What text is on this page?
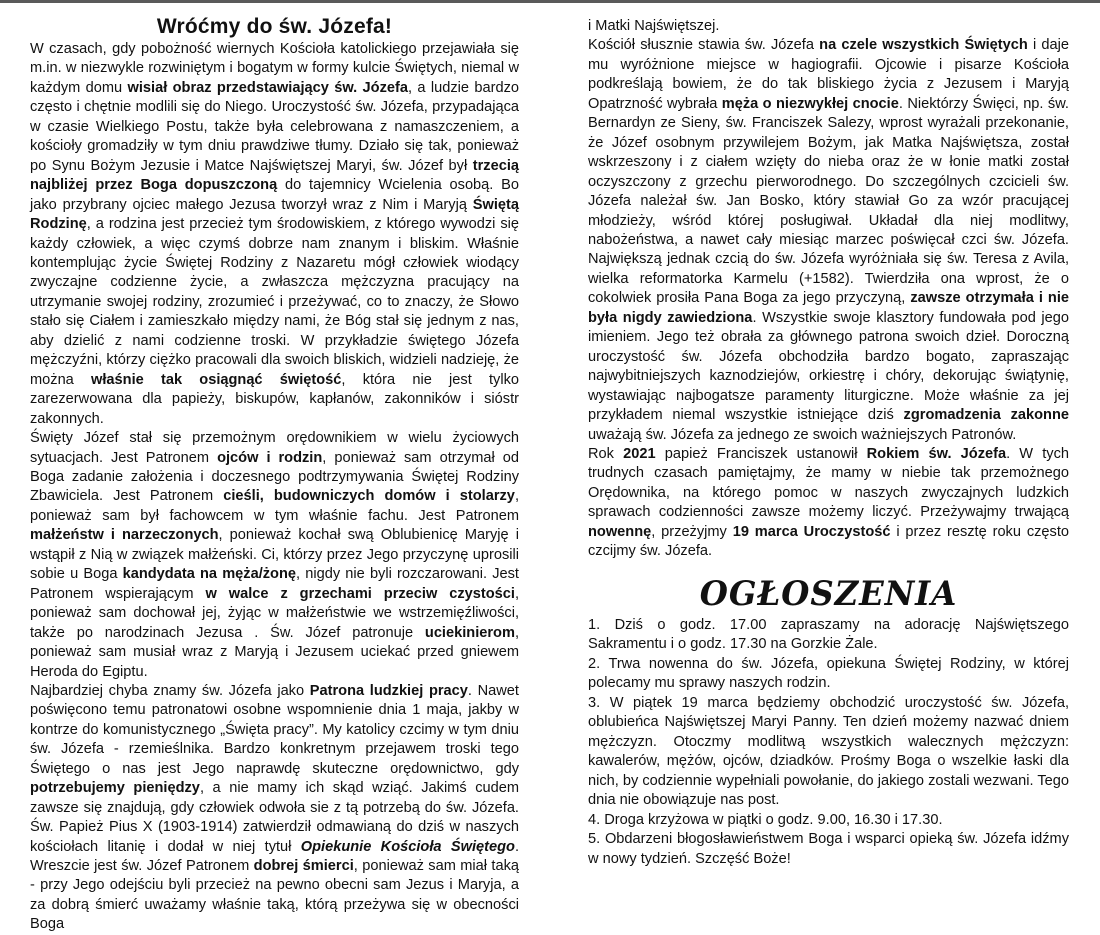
Wróćmy do św. Józefa!

W czasach, gdy pobożność wiernych Kościoła katolickiego przejawiała się m.in. w niezwykle rozwiniętym i bogatym w formy kulcie Świętych, niemal w każdym domu wisiał obraz przedstawiający św. Józefa, a ludzie bardzo często i chętnie modlili się do Niego. Uroczystość św. Józefa, przypadająca w czasie Wielkiego Postu, także była celebrowana z namaszczeniem, a kościoły gromadziły w tym dniu prawdziwe tłumy. Działo się tak, ponieważ po Synu Bożym Jezusie i Matce Najświętszej Maryi, św. Józef był trzecią najbliżej przez Boga dopuszczoną do tajemnicy Wcielenia osobą. Bo jako przybrany ojciec małego Jezusa tworzył wraz z Nim i Maryją Świętą Rodzinę, a rodzina jest przecież tym środowiskiem, z którego wywodzi się każdy człowiek, a więc czymś dobrze nam znanym i bliskim. Właśnie kontemplując życie Świętej Rodziny z Nazaretu mógł człowiek wiodący zwyczajne codzienne życie, a zwłaszcza mężczyzna pracujący na utrzymanie swojej rodziny, zrozumieć i przeżywać, co to znaczy, że Słowo stało się Ciałem i zamieszkało między nami, że Bóg stał się jednym z nas, aby dzielić z nami codzienne troski. W przykładzie świętego Józefa mężczyźni, którzy ciężko pracowali dla swoich bliskich, widzieli nadzieję, że można właśnie tak osiągnąć świętość, która nie jest tylko zarezerwowana dla papieży, biskupów, kapłanów, zakonników i sióstr zakonnych.

Święty Józef stał się przemożnym orędownikiem w wielu życiowych sytuacjach. Jest Patronem ojców i rodzin, ponieważ sam otrzymał od Boga zadanie założenia i doczesnego podtrzymywania Świętej Rodziny Zbawiciela. Jest Patronem cieśli, budowniczych domów i stolarzy, ponieważ sam był fachowcem w tym właśnie fachu. Jest Patronem małżeństw i narzeczonych, ponieważ kochał swą Oblubienicę Maryję i wstąpił z Nią w związek małżeński. Ci, którzy przez Jego przyczynę uprosili sobie u Boga kandydata na męża/żonę, nigdy nie byli rozczarowani. Jest Patronem wspierającym w walce z grzechami przeciw czystości, ponieważ sam dochował jej, żyjąc w małżeństwie we wstrzemięźliwości, także po narodzinach Jezusa . Św. Józef patronuje uciekinierom, ponieważ sam musiał wraz z Maryją i Jezusem uciekać przed gniewem Heroda do Egiptu.

Najbardziej chyba znamy św. Józefa jako Patrona ludzkiej pracy. Nawet poświęcono temu patronatowi osobne wspomnienie dnia 1 maja, jakby w kontrze do komunistycznego „Święta pracy”. My katolicy czcimy w tym dniu św. Józefa - rzemieślnika. Bardzo konkretnym przejawem troski tego Świętego o nas jest Jego naprawdę skuteczne orędownictwo, gdy potrzebujemy pieniędzy, a nie mamy ich skąd wziąć. Jakimś cudem zawsze się znajdują, gdy człowiek odwoła sie z tą potrzebą do św. Józefa. Św. Papież Pius X (1903-1914) zatwierdził odmawianą do dziś w naszych kościołach litanię i dodał w niej tytuł Opiekunie Kościoła Świętego. Wreszcie jest św. Józef Patronem dobrej śmierci, ponieważ sam miał taką - przy Jego odejściu byli przecież na pewno obecni sam Jezus i Maryja, a za dobrą śmierć uważamy właśnie taką, którą przeżywa się w obecności Boga

i Matki Najświętszej.

Kościół słusznie stawia św. Józefa na czele wszystkich Świętych i daje mu wyróżnione miejsce w hagiografii. Ojcowie i pisarze Kościoła podkreślają bowiem, że do tak bliskiego życia z Jezusem i Maryją Opatrzność wybrała męża o niezwykłej cnocie. Niektórzy Święci, np. św. Bernardyn ze Sieny, św. Franciszek Salezy, wprost wyrażali przekonanie, że Józef osobnym przywilejem Bożym, jak Matka Najświętsza, został wskrzeszony i z ciałem wzięty do nieba oraz że w łonie matki został oczyszczony z grzechu pierworodnego. Do szczególnych czcicieli św. Józefa należał św. Jan Bosko, który stawiał Go za wzór pracującej młodzieży, wśród której posługiwał. Układał dla niej modlitwy, nabożeństwa, a nawet cały miesiąc marzec poświęcał czci św. Józefa. Największą jednak czcią do św. Józefa wyróżniała się św. Teresa z Avila, wielka reformatorka Karmelu (+1582). Twierdziła ona wprost, że o cokolwiek prosiła Pana Boga za jego przyczyną, zawsze otrzymała i nie była nigdy zawiedziona. Wszystkie swoje klasztory fundowała pod jego imieniem. Jego też obrała za głównego patrona swoich dzieł. Doroczną uroczystość św. Józefa obchodziła bardzo bogato, zapraszając najwybitniejszych kaznodziejów, orkiestrę i chóry, dekorując świątynię, wystawiając najbogatsze paramenty liturgiczne. Może właśnie za jej przykładem niemal wszystkie istniejące dziś zgromadzenia zakonne uważają św. Józefa za jednego ze swoich ważniejszych Patronów.

Rok 2021 papież Franciszek ustanowił Rokiem św. Józefa. W tych trudnych czasach pamiętajmy, że mamy w niebie tak przemożnego Orędownika, na którego pomoc w naszych zwyczajnych ludzkich sprawach codzienności zawsze możemy liczyć. Przeżywajmy trwającą nowennę, przeżyjmy 19 marca Uroczystość i przez resztę roku często czcijmy św. Józefa.

OGŁOSZENIA

1. Dziś o godz. 17.00 zapraszamy na adorację Najświętszego Sakramentu i o godz. 17.30 na Gorzkie Żale.

2. Trwa nowenna do św. Józefa, opiekuna Świętej Rodziny, w której polecamy mu sprawy naszych rodzin.

3. W piątek 19 marca będziemy obchodzić uroczystość św. Józefa, oblubieńca Najświętszej Maryi Panny. Ten dzień możemy nazwać dniem mężczyzn. Otoczmy modlitwą wszystkich walecznych mężczyzn: kawalerów, mężów, ojców, dziadków. Prośmy Boga o wszelkie łaski dla nich, by codziennie wypełniali powołanie, do jakiego zostali wezwani. Tego dnia nie obowiązuje nas post.

4. Droga krzyżowa w piątki o godz. 9.00, 16.30 i 17.30.

5. Obdarzeni błogosławieństwem Boga i wsparci opieką św. Józefa idźmy w nowy tydzień. Szczęść Boże!
